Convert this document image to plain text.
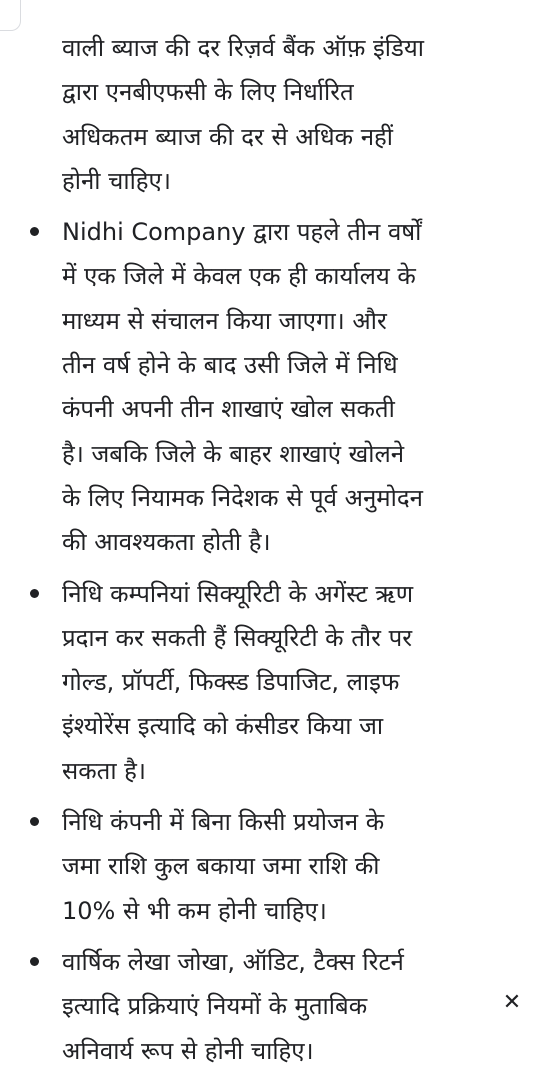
वाली ब्याज की दर रिज़र्व बैंक ऑफ़ इंडिया
द्वारा एनबीएफसी के लिए निर्धारित
अधिकतम ब्याज की दर से अधिक नहीं
होनी चाहिए।

Nidhi Company द्वारा पहले तीन वर्षों
में एक जिले में केवल एक ही कार्यालय के
माध्यम से संचालन किया जाएगा। और
तीन वर्ष होने के बाद उसी जिले में निधि
कंपनी अपनी तीन शाखाएं खोल सकती
है। जबकि जिले के बाहर शाखाएं खोलने
के लिए नियामक निदेशक से पूर्व अनुमोदन
की आवश्यकता होती है।
निधि कम्पनियां सिक्यूरिटी के अगेंस्ट ऋण
प्रदान कर सकती हैं सिक्यूरिटी के तौर पर
गोल्ड, प्रॉपर्टी, फिक्स्ड डिपाजिट, लाइफ
इंश्योरेंस इत्यादि को कंसीडर किया जा
सकता है।
निधि कंपनी में बिना किसी प्रयोजन के
जमा राशि कुल बकाया जमा राशि की
10% से भी कम होनी चाहिए।
वार्षिक लेखा जोखा, ऑडिट, टैक्स रिटर्न
इत्यादि प्रक्रियाएं नियमों के मुताबिक
अनिवार्य रूप से होनी चाहिए।
✕
